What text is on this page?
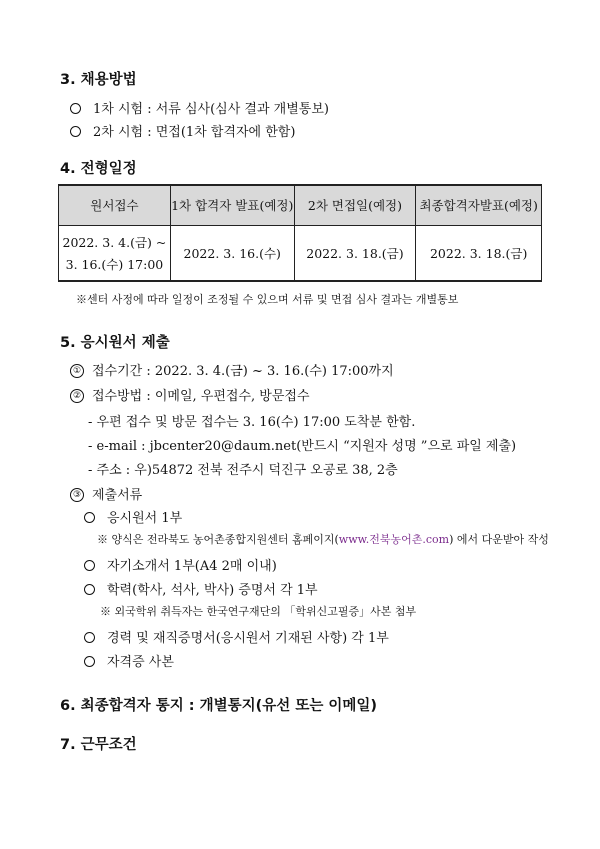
3. 채용방법
1차 시험 : 서류 심사(심사 결과 개별통보)
2차 시험 : 면접(1차 합격자에 한함)
4. 전형일정
원서접수	1차 합격자 발표(예정)	2차 면접일(예정)	최종합격자발표(예정)

2022. 3. 4.(금) ~
3. 16.(수) 17:00	2022. 3. 16.(수)	2022. 3. 18.(금)	2022. 3. 18.(금)
※센터 사정에 따라 일정이 조정될 수 있으며 서류 및 면접 심사 결과는 개별통보
5. 응시원서 제출
① 접수기간 : 2022. 3. 4.(금) ~ 3. 16.(수) 17:00까지
② 접수방법 : 이메일, 우편접수, 방문접수
- 우편 접수 및 방문 접수는 3. 16(수) 17:00 도착분 한함.
- e-mail : jbcenter20@daum.net(반드시 “지원자 성명 ”으로 파일 제출)
- 주소 : 우)54872 전북 전주시 덕진구 오공로 38, 2층
③ 제출서류
응시원서 1부
※ 양식은 전라북도 농어촌종합지원센터 홈페이지(www.전북농어촌.com) 에서 다운받아 작성
자기소개서 1부(A4 2매 이내)
학력(학사, 석사, 박사) 증명서 각 1부
※ 외국학위 취득자는 한국연구재단의 「학위신고필증」사본 첨부
경력 및 재직증명서(응시원서 기재된 사항) 각 1부
자격증 사본
6. 최종합격자 통지 : 개별통지(유선 또는 이메일)
7. 근무조건
